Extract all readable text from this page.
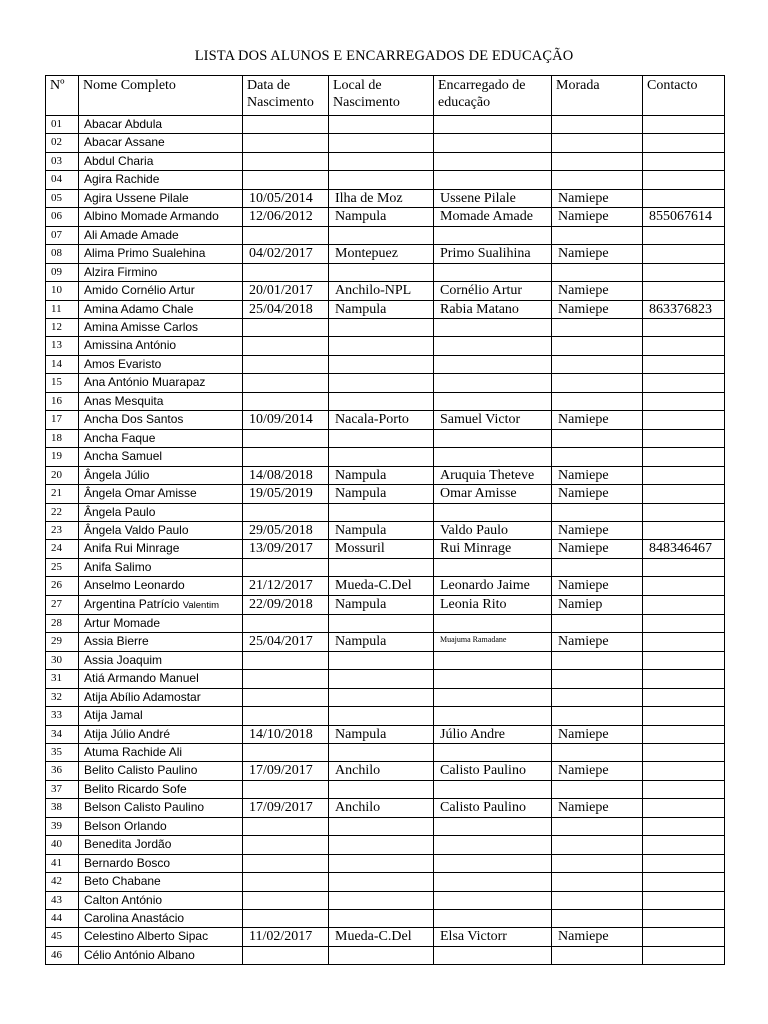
LISTA DOS ALUNOS E ENCARREGADOS DE EDUCAÇÃO
Nº	Nome Completo	Data de Nascimento	Local de  Nascimento	Encarregado de educação	Morada	Contacto
01	Abacar Abdula					
02	Abacar Assane					
03	Abdul Charia					
04	Agira Rachide					
05	Agira Ussene Pilale	10/05/2014	Ilha de Moz	Ussene Pilale	Namiepe	
06	Albino Momade Armando	12/06/2012	Nampula	Momade Amade	Namiepe	855067614
07	Ali Amade Amade					
08	Alima Primo Sualehina	04/02/2017	Montepuez	Primo Sualihina	Namiepe	
09	Alzira Firmino					
10	Amido Cornélio Artur	20/01/2017	Anchilo-NPL	Cornélio Artur	Namiepe	
11	Amina Adamo Chale	25/04/2018	Nampula	Rabia Matano	Namiepe	863376823
12	Amina Amisse Carlos					
13	Amissina António					
14	Amos Evaristo					
15	Ana António Muarapaz					
16	Anas Mesquita					
17	Ancha Dos Santos	10/09/2014	Nacala-Porto	Samuel Victor	Namiepe	
18	Ancha Faque					
19	Ancha Samuel					
20	Ângela Júlio	14/08/2018	Nampula	Aruquia Theteve	Namiepe	
21	Ângela Omar Amisse	19/05/2019	Nampula	Omar Amisse	Namiepe	
22	Ângela Paulo					
23	Ângela Valdo Paulo	29/05/2018	Nampula	Valdo Paulo	Namiepe	
24	Anifa Rui Minrage	13/09/2017	Mossuril	Rui Minrage	Namiepe	848346467
25	Anifa Salimo					
26	Anselmo Leonardo	21/12/2017	Mueda-C.Del	Leonardo Jaime	Namiepe	
27	Argentina Patrício Valentim	22/09/2018	Nampula	Leonia Rito	Namiep	
28	Artur Momade					
29	Assia Bierre	25/04/2017	Nampula	Muajuma Ramadane	Namiepe	
30	Assia Joaquim					
31	Atiá Armando Manuel					
32	Atija Abílio Adamostar					
33	Atija Jamal					
34	Atija Júlio André	14/10/2018	Nampula	Júlio Andre	Namiepe	
35	Atuma Rachide Ali					
36	Belito Calisto Paulino	17/09/2017	Anchilo	Calisto Paulino	Namiepe	
37	Belito Ricardo Sofe					
38	Belson Calisto Paulino	17/09/2017	Anchilo	Calisto Paulino	Namiepe	
39	Belson Orlando					
40	Benedita Jordão					
41	Bernardo Bosco					
42	Beto Chabane					
43	Calton António					
44	Carolina Anastácio					
45	Celestino Alberto Sipac	11/02/2017	Mueda-C.Del	Elsa Victorr	Namiepe	
46	Célio António Albano					
